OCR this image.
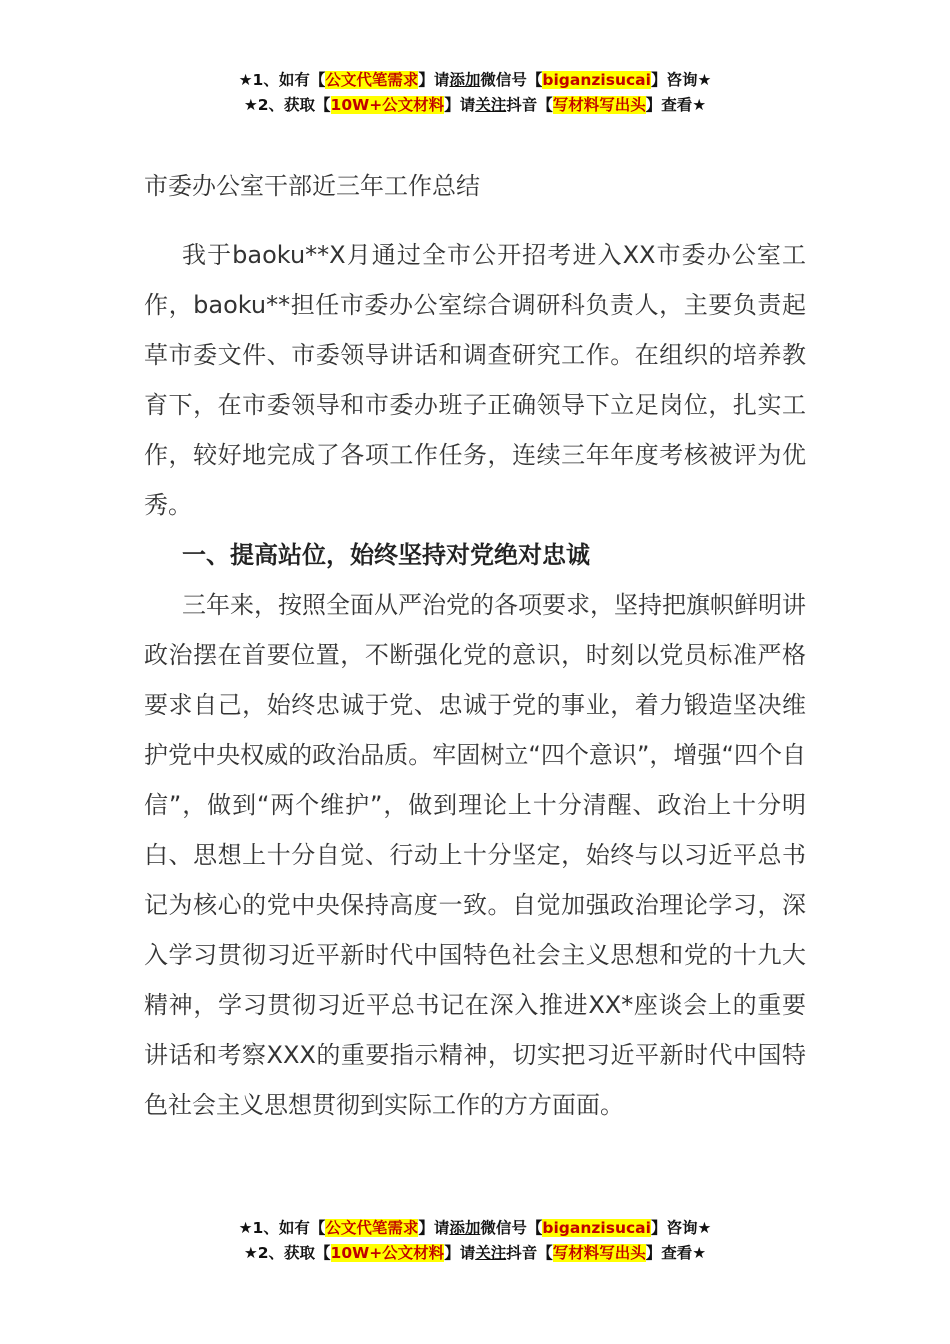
★1、如有【公文代笔需求】请添加微信号【biganzisucai】咨询★
★2、获取【10W+公文材料】请关注抖音【写材料写出头】查看★
市委办公室干部近三年工作总结

我于baoku**X月通过全市公开招考进入XX市委办公室工作，baoku**担任市委办公室综合调研科负责人，主要负责起草市委文件、市委领导讲话和调查研究工作。在组织的培养教育下，在市委领导和市委办班子正确领导下立足岗位，扎实工作，较好地完成了各项工作任务，连续三年年度考核被评为优秀。

一、提高站位，始终坚持对党绝对忠诚

三年来，按照全面从严治党的各项要求，坚持把旗帜鲜明讲政治摆在首要位置，不断强化党的意识，时刻以党员标准严格要求自己，始终忠诚于党、忠诚于党的事业，着力锻造坚决维护党中央权威的政治品质。牢固树立“四个意识”，增强“四个自信”，做到“两个维护”，做到理论上十分清醒、政治上十分明白、思想上十分自觉、行动上十分坚定，始终与以习近平总书记为核心的党中央保持高度一致。自觉加强政治理论学习，深入学习贯彻习近平新时代中国特色社会主义思想和党的十九大精神，学习贯彻习近平总书记在深入推进XX*座谈会上的重要讲话和考察XXX的重要指示精神，切实把习近平新时代中国特色社会主义思想贯彻到实际工作的方方面面。

★1、如有【公文代笔需求】请添加微信号【biganzisucai】咨询★
★2、获取【10W+公文材料】请关注抖音【写材料写出头】查看★
